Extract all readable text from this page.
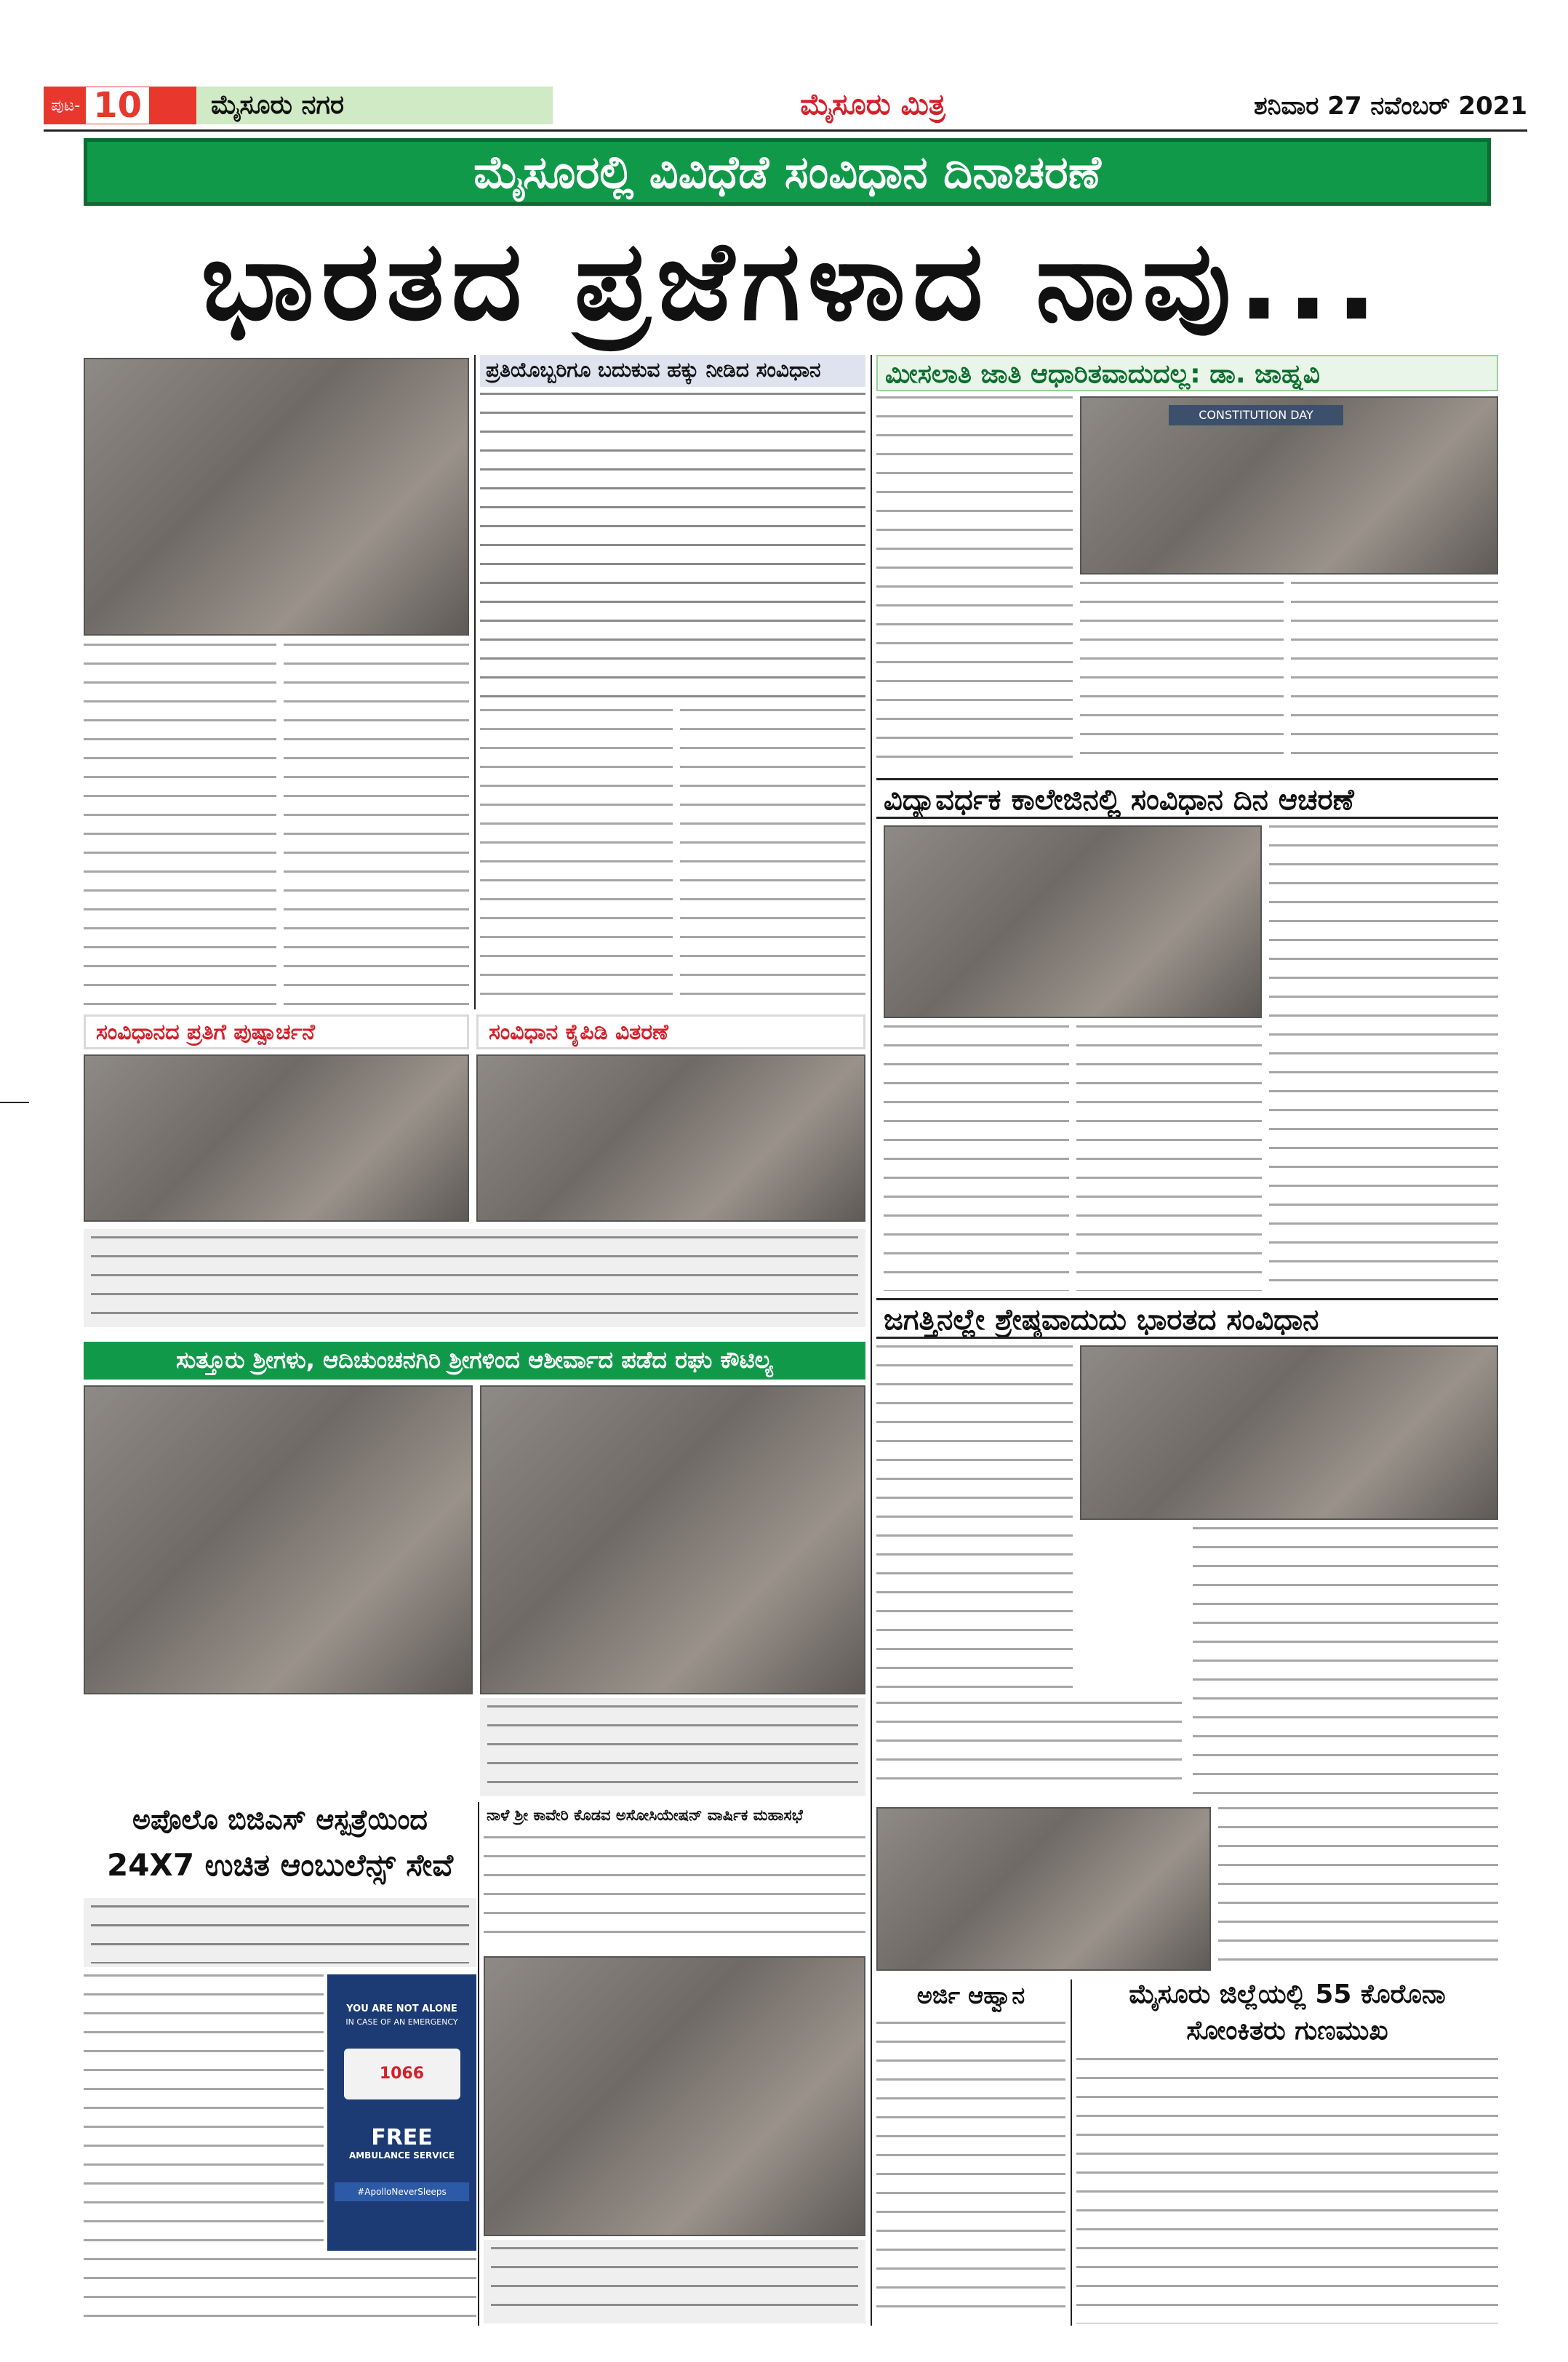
ಪುಟ- 10	ಮೈಸೂರು ನಗರ	ಮೈಸೂರು ಮಿತ್ರ	ಶನಿವಾರ 27 ನವೆಂಬರ್ 2021
ಮೈಸೂರಲ್ಲಿ ವಿವಿಧೆಡೆ ಸಂವಿಧಾನ ದಿನಾಚರಣೆ
ಭಾರತದ ಪ್ರಜೆಗಳಾದ ನಾವು...
ಪ್ರತಿಯೊಬ್ಬರಿಗೂ ಬದುಕುವ ಹಕ್ಕು ನೀಡಿದ ಸಂವಿಧಾನ	ಮೀಸಲಾತಿ ಜಾತಿ ಆಧಾರಿತವಾದುದಲ್ಲ: ಡಾ. ಜಾಹ್ನವಿ
CONSTITUTION DAY
ವಿದ್ಯಾವರ್ಧಕ ಕಾಲೇಜಿನಲ್ಲಿ ಸಂವಿಧಾನ ದಿನ ಆಚರಣೆ
ಸಂವಿಧಾನದ ಪ್ರತಿಗೆ ಪುಷ್ಪಾರ್ಚನೆ	ಸಂವಿಧಾನ ಕೈಪಿಡಿ ವಿತರಣೆ
ಜಗತ್ತಿನಲ್ಲೇ ಶ್ರೇಷ್ಠವಾದುದು ಭಾರತದ ಸಂವಿಧಾನ
ಸುತ್ತೂರು ಶ್ರೀಗಳು, ಆದಿಚುಂಚನಗಿರಿ ಶ್ರೀಗಳಿಂದ ಆಶೀರ್ವಾದ ಪಡೆದ ರಘು ಕೌಟಿಲ್ಯ
ಅಪೊಲೊ ಬಿಜಿಎಸ್ ಆಸ್ಪತ್ರೆಯಿಂದ
24X7 ಉಚಿತ ಆಂಬುಲೆನ್ಸ್ ಸೇವೆ
YOU ARE NOT ALONE
IN CASE OF AN EMERGENCY
1066
FREE
AMBULANCE SERVICE
#ApolloNeverSleeps
ನಾಳೆ ಶ್ರೀ ಕಾವೇರಿ ಕೊಡವ ಅಸೋಸಿಯೇಷನ್ ವಾರ್ಷಿಕ ಮಹಾಸಭೆ
ಅರ್ಜಿ ಆಹ್ವಾನ	ಮೈಸೂರು ಜಿಲ್ಲೆಯಲ್ಲಿ 55 ಕೊರೊನಾ
ಸೋಂಕಿತರು ಗುಣಮುಖ
